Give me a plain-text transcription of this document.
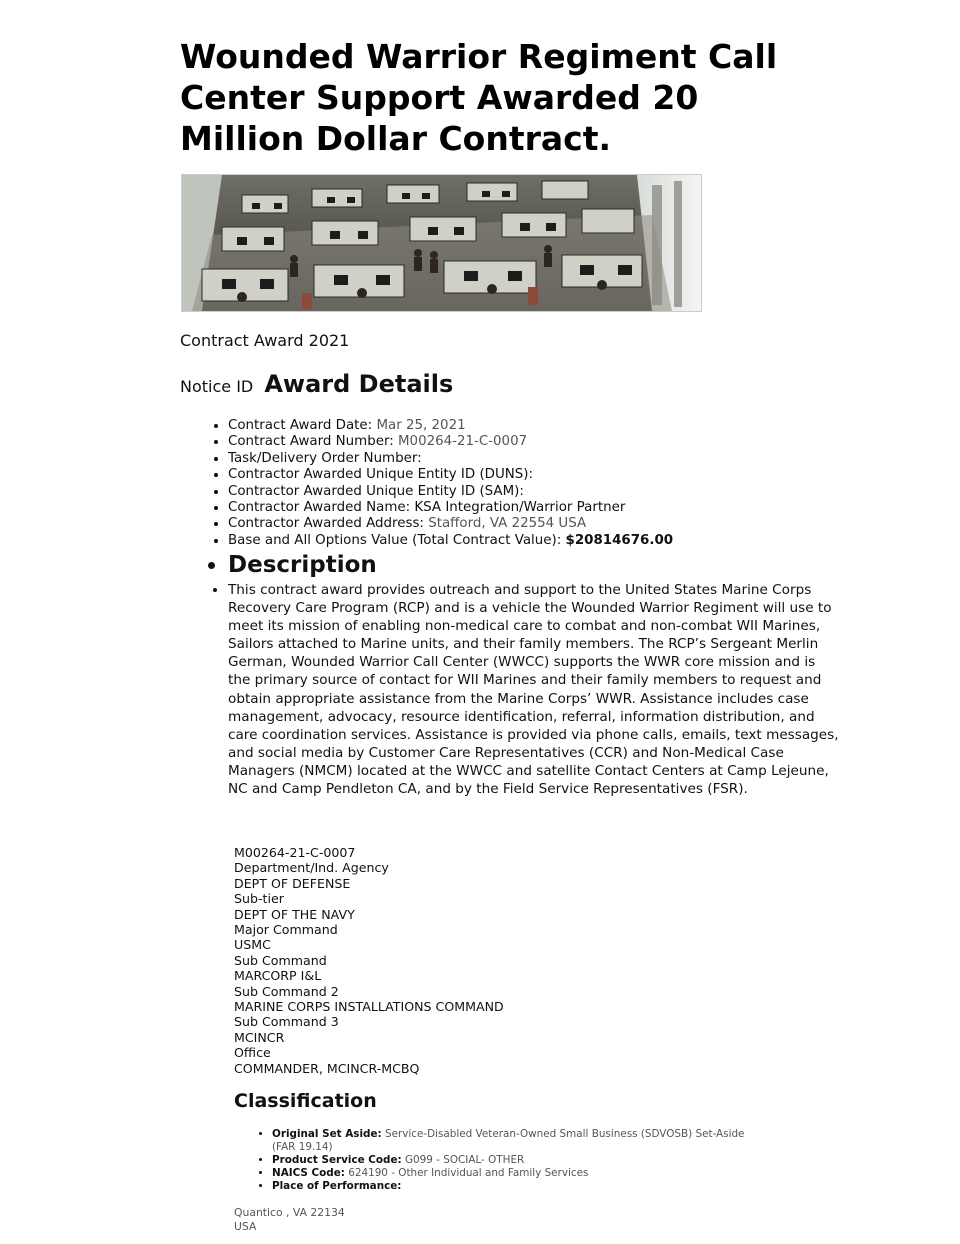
Wounded Warrior Regiment Call Center Support Awarded 20 Million Dollar Contract.

Contract Award 2021

Notice ID Award Details
• Contract Award Date: Mar 25, 2021
• Contract Award Number: M00264-21-C-0007
• Task/Delivery Order Number:
• Contractor Awarded Unique Entity ID (DUNS):
• Contractor Awarded Unique Entity ID (SAM):
• Contractor Awarded Name: KSA Integration/Warrior Partner
• Contractor Awarded Address: Stafford, VA 22554 USA
• Base and All Options Value (Total Contract Value): $20814676.00
• Description
• This contract award provides outreach and support to the United States Marine Corps Recovery Care Program (RCP) and is a vehicle the Wounded Warrior Regiment will use to meet its mission of enabling non-medical care to combat and non-combat WII Marines, Sailors attached to Marine units, and their family members. The RCP’s Sergeant Merlin German, Wounded Warrior Call Center (WWCC) supports the WWR core mission and is the primary source of contact for WII Marines and their family members to request and obtain appropriate assistance from the Marine Corps’ WWR. Assistance includes case management, advocacy, resource identification, referral, information distribution, and care coordination services. Assistance is provided via phone calls, emails, text messages, and social media by Customer Care Representatives (CCR) and Non-Medical Case Managers (NMCM) located at the WWCC and satellite Contact Centers at Camp Lejeune, NC and Camp Pendleton CA, and by the Field Service Representatives (FSR).
M00264-21-C-0007
Department/Ind. Agency
DEPT OF DEFENSE
Sub-tier
DEPT OF THE NAVY
Major Command
USMC
Sub Command
MARCORP I&L
Sub Command 2
MARINE CORPS INSTALLATIONS COMMAND
Sub Command 3
MCINCR
Office
COMMANDER, MCINCR-MCBQ
Classification
• Original Set Aside: Service-Disabled Veteran-Owned Small Business (SDVOSB) Set-Aside (FAR 19.14)
• Product Service Code: G099 - SOCIAL- OTHER
• NAICS Code: 624190 - Other Individual and Family Services
• Place of Performance:
Quantico , VA 22134
USA
